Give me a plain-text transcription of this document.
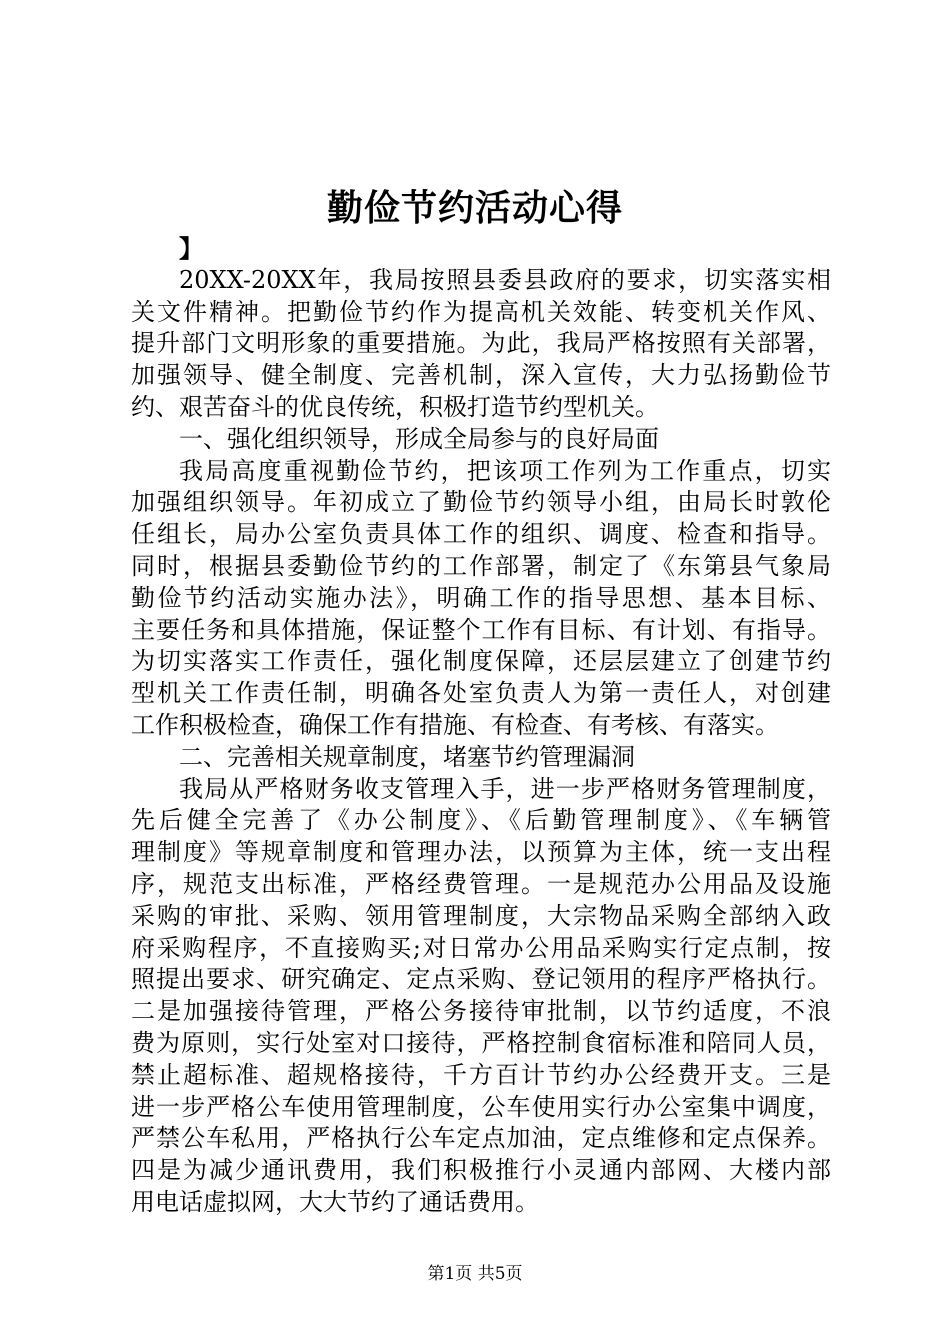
勤俭节约活动心得
】
20XX-20XX年，我局按照县委县政府的要求，切实落实相
关文件精神。把勤俭节约作为提高机关效能、转变机关作风、
提升部门文明形象的重要措施。为此，我局严格按照有关部署，
加强领导、健全制度、完善机制，深入宣传，大力弘扬勤俭节
约、艰苦奋斗的优良传统，积极打造节约型机关。
一、强化组织领导，形成全局参与的良好局面
我局高度重视勤俭节约，把该项工作列为工作重点，切实
加强组织领导。年初成立了勤俭节约领导小组，由局长时敦伦
任组长，局办公室负责具体工作的组织、调度、检查和指导。
同时，根据县委勤俭节约的工作部署，制定了《东第县气象局
勤俭节约活动实施办法》，明确工作的指导思想、基本目标、
主要任务和具体措施，保证整个工作有目标、有计划、有指导。
为切实落实工作责任，强化制度保障，还层层建立了创建节约
型机关工作责任制，明确各处室负责人为第一责任人，对创建
工作积极检查，确保工作有措施、有检查、有考核、有落实。
二、完善相关规章制度，堵塞节约管理漏洞
我局从严格财务收支管理入手，进一步严格财务管理制度，
先后健全完善了《办公制度》、《后勤管理制度》、《车辆管
理制度》等规章制度和管理办法，以预算为主体，统一支出程
序，规范支出标准，严格经费管理。一是规范办公用品及设施
采购的审批、采购、领用管理制度，大宗物品采购全部纳入政
府采购程序，不直接购买;对日常办公用品采购实行定点制，按
照提出要求、研究确定、定点采购、登记领用的程序严格执行。
二是加强接待管理，严格公务接待审批制，以节约适度，不浪
费为原则，实行处室对口接待，严格控制食宿标准和陪同人员，
禁止超标准、超规格接待，千方百计节约办公经费开支。三是
进一步严格公车使用管理制度，公车使用实行办公室集中调度，
严禁公车私用，严格执行公车定点加油，定点维修和定点保养。
四是为减少通讯费用，我们积极推行小灵通内部网、大楼内部
用电话虚拟网，大大节约了通话费用。
第1页 共5页
